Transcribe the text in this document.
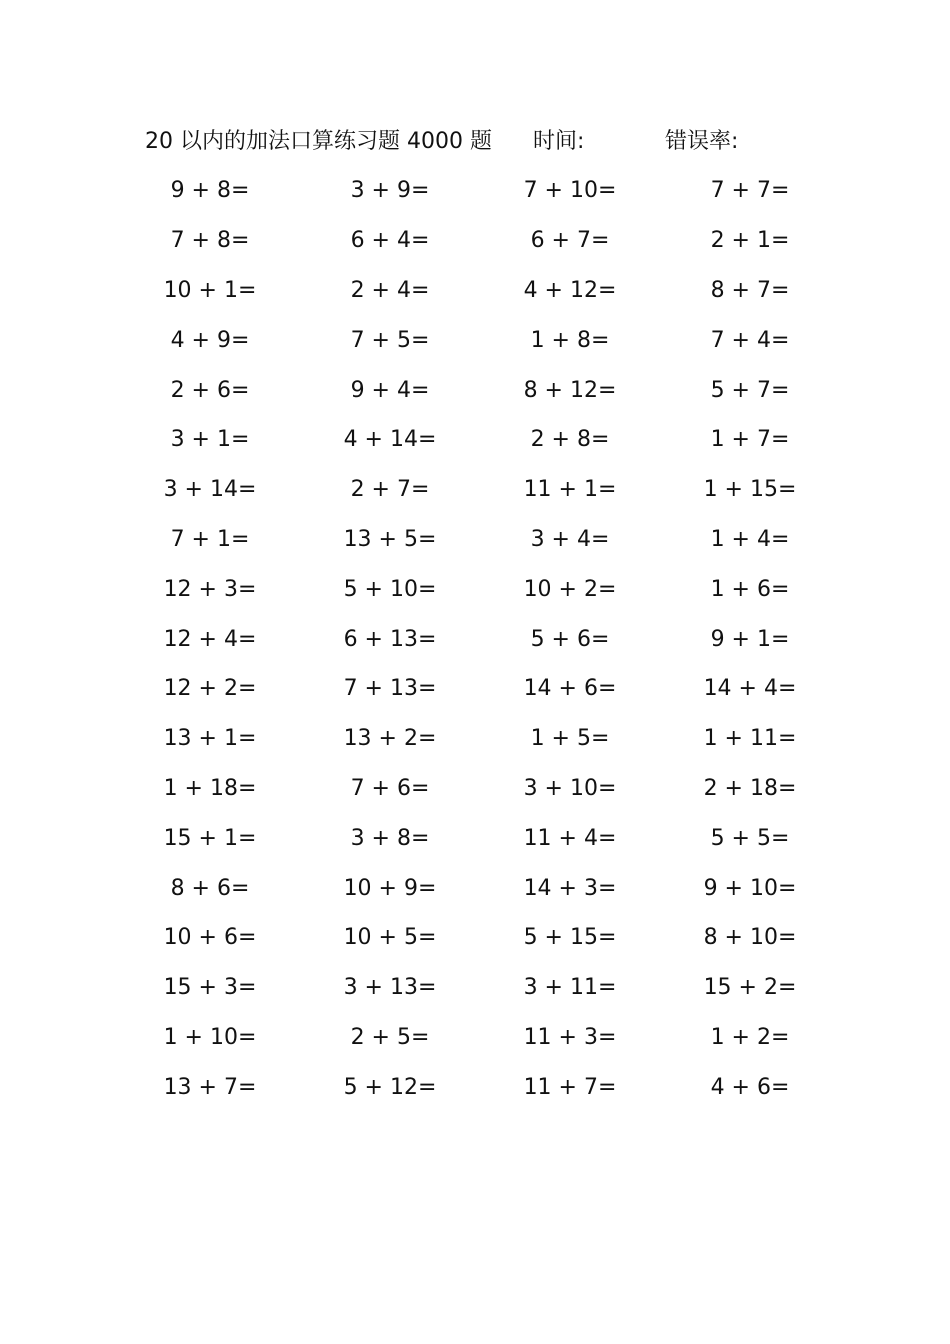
20 以内的加法口算练习题 4000 题 时间:	错误率:
9 + 8=	3 + 9=	7 + 10=	7 + 7=
7 + 8=	6 + 4=	6 + 7=	2 + 1=
10 + 1=	2 + 4=	4 + 12=	8 + 7=
4 + 9=	7 + 5=	1 + 8=	7 + 4=
2 + 6=	9 + 4=	8 + 12=	5 + 7=
3 + 1=	4 + 14=	2 + 8=	1 + 7=
3 + 14=	2 + 7=	11 + 1=	1 + 15=
7 + 1=	13 + 5=	3 + 4=	1 + 4=
12 + 3=	5 + 10=	10 + 2=	1 + 6=
12 + 4=	6 + 13=	5 + 6=	9 + 1=
12 + 2=	7 + 13=	14 + 6=	14 + 4=
13 + 1=	13 + 2=	1 + 5=	1 + 11=
1 + 18=	7 + 6=	3 + 10=	2 + 18=
15 + 1=	3 + 8=	11 + 4=	5 + 5=
8 + 6=	10 + 9=	14 + 3=	9 + 10=
10 + 6=	10 + 5=	5 + 15=	8 + 10=
15 + 3=	3 + 13=	3 + 11=	15 + 2=
1 + 10=	2 + 5=	11 + 3=	1 + 2=
13 + 7=	5 + 12=	11 + 7=	4 + 6=
